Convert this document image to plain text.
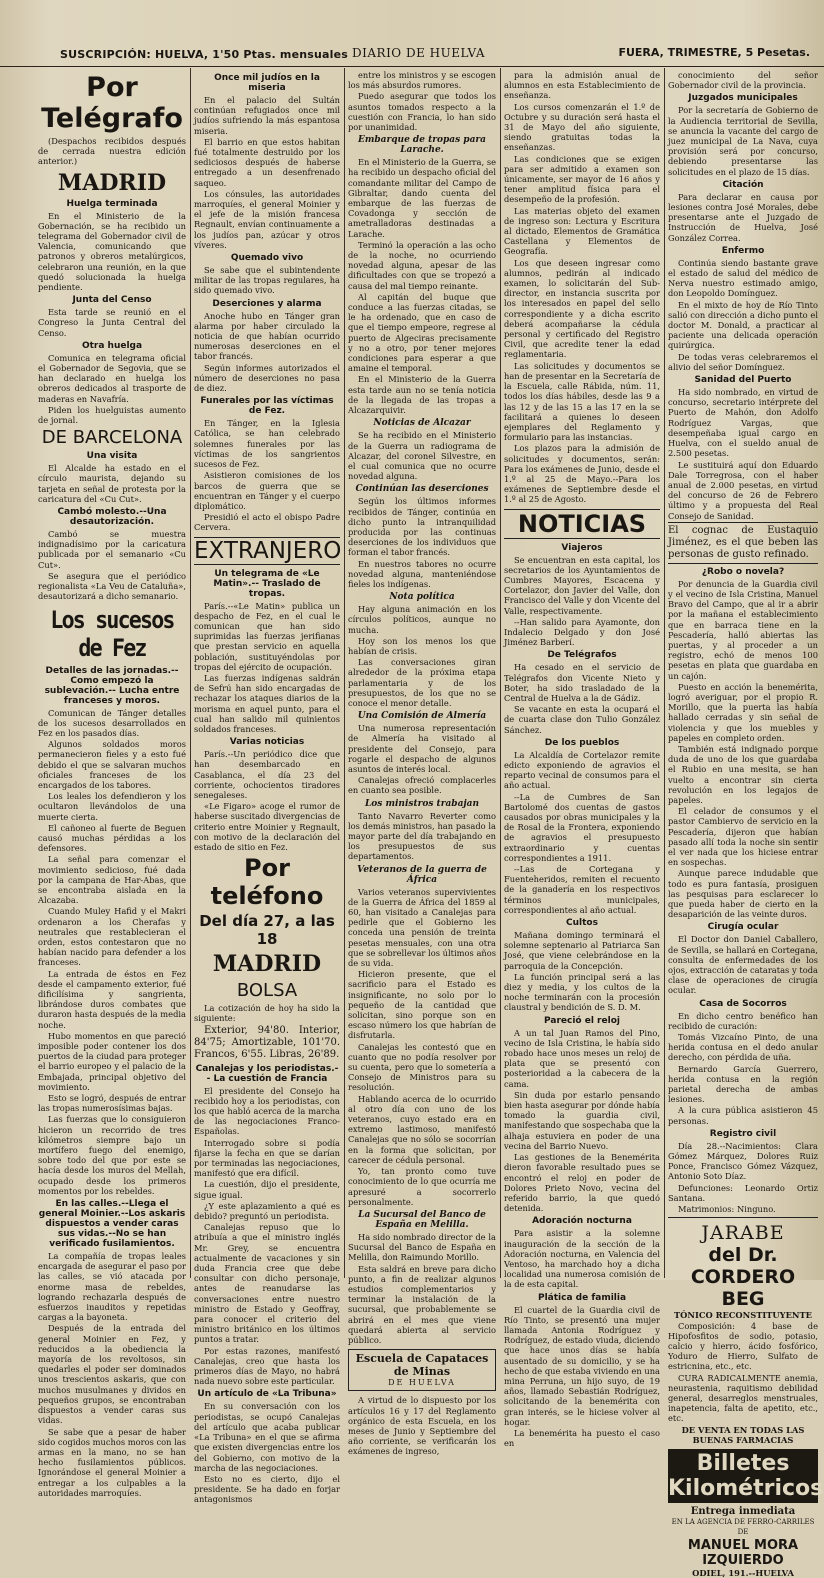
SUSCRIPCIÓN: HUELVA, 1'50 Ptas. mensuales DIARIO DE HUELVA	FUERA, TRIMESTRE, 5 Pesetas.
Por Telégrafo

(Despachos recibidos después de cerrada nuestra edición anterior.)

MADRID
Huelga terminada

En el Ministerio de la Gobernación, se ha recibido un telegrama del Gobernador civil de Valencia, comunicando que patronos y obreros metalúrgicos, celebraron una reunión, en la que quedó solucionada la huelga pendiente.

Junta del Censo

Esta tarde se reunió en el Congreso la Junta Central del Censo.

Otra huelga

Comunica en telegrama oficial el Gobernador de Segovia, que se han declarado en huelga los obreros dedicados al trasporte de maderas en Navafría.

Piden los huelguistas aumento de jornal.

DE BARCELONA
Una visita

El Alcalde ha estado en el círculo maurista, dejando su tarjeta en señal de protesta por la caricatura del «Cu Cut».

Cambó molesto.--Una desautorización.

Cambó se muestra indignadísimo por la caricatura publicada por el semanario «Cu Cut».

Se asegura que el periódico regionalista «La Veu de Cataluña», desautorizará a dicho semanario.

Los sucesos de Fez
Detalles de las jornadas.--Como empezó la sublevación.-- Lucha entre franceses y moros.

Comunican de Tánger detalles de los sucesos desarrollados en Fez en los pasados días.

Algunos soldados moros permanecieron fieles y a esto fué debido el que se salvaran muchos oficiales franceses de los encargados de los tabores.

Los leales los defendieron y los ocultaron llevándolos de una muerte cierta.

El cañoneo al fuerte de Beguen causó muchas pérdidas a los defensores.

La señal para comenzar el movimiento sedicioso, fué dada por la campana de Har-Abas, que se encontraba aislada en la Alcazaba.

Cuando Muley Hafid y el Makri ordenaron a los Cherafas y neutrales que restablecieran el orden, estos contestaron que no habían nacido para defender a los franceses.

La entrada de éstos en Fez desde el campamento exterior, fué dificilísima y sangrienta, librándose duros combates que duraron hasta después de la media noche.

Hubo momentos en que pareció imposible poder contener los dos puertos de la ciudad para proteger el barrio europeo y el palacio de la Embajada, principal objetivo del movimiento.

Esto se logró, después de entrar las tropas numerosísimas bajas.

Las fuerzas que lo consiguieron hicieron un recorrido de tres kilómetros siempre bajo un mortífero fuego del enemigo, sobre todo del que por este se hacía desde los muros del Mellah, ocupado desde los primeros momentos por los rebeldes.

En las calles.--Llega el general Moinier.--Los askaris dispuestos a vender caras sus vidas.--No se han verificado fusilamientos.

La compañía de tropas leales encargada de asegurar el paso por las calles, se vió atacada por enorme masa de rebeldes, logrando rechazarla después de esfuerzos inauditos y repetidas cargas a la bayoneta.

Después de la entrada del general Moinier en Fez, y reducidos a la obediencia la mayoría de los revoltosos, sin quedarles el poder ser dominados unos trescientos askaris, que con muchos musulmanes y dividos en pequeños grupos, se encontraban dispuestos a vender caras sus vidas.

Se sabe que a pesar de haber sido cogidos muchos moros con las armas en la mano, no se han hecho fusilamientos públicos. Ignorándose el general Moinier a entregar a los culpables a la autoridades marroquíes.

Once mil judíos en la miseria

En el palacio del Sultán continúan refugiados once mil judíos sufriendo la más espantosa miseria.

El barrio en que estos habitan fué totalmente destruido por los sediciosos después de haberse entregado a un desenfrenado saqueo.

Los cónsules, las autoridades marroquíes, el general Moinier y el jefe de la misión francesa Regnault, envían continuamente a los judíos pan, azúcar y otros víveres.

Quemado vivo

Se sabe que el subintendente militar de las tropas regulares, ha sido quemado vivo.

Deserciones y alarma

Anoche hubo en Tánger gran alarma por haber circulado la noticia de que habían ocurrido numerosas deserciones en el tabor francés.

Según informes autorizados el número de deserciones no pasa de diez.

Funerales por las víctimas de Fez.

En Tánger, en la Iglesia Católica, se han celebrado solemnes funerales por las víctimas de los sangrientos sucesos de Fez.

Asistieron comisiones de los barcos de guerra que se encuentran en Tánger y el cuerpo diplomático.

Presidió el acto el obispo Padre Cervera.

EXTRANJERO
Un telegrama de «Le Matin».-- Traslado de tropas.

París.--«Le Matin» publica un despacho de Fez, en el cual le comunican que han sido suprimidas las fuerzas jerifianas que prestan servicio en aquella población, sustituyéndolas por tropas del ejército de ocupación.

Las fuerzas indígenas saldrán de Sefrú han sido encargadas de rechazar los ataques diarios de la morisma en aquel punto, para el cual han salido mil quinientos soldados franceses.

Varias noticias

París.--Un periódico dice que han desembarcado en Casablanca, el día 23 del corriente, ochocientos tiradores senegaleses.

«Le Figaro» acoge el rumor de haberse suscitado divergencias de criterio entre Moinier y Regnault, con motivo de la declaración del estado de sitio en Fez.

Por teléfono
Del día 27, a las 18
MADRID
BOLSA

La cotización de hoy ha sido la siguiente:

Exterior, 94'80. Interior, 84'75; Amortizable, 101'70. Francos, 6'55. Libras, 26'89.

Canalejas y los periodistas.-- La cuestión de Francia

El presidente del Consejo ha recibido hoy a los periodistas, con los que habló acerca de la marcha de las negociaciones Franco-Españolas.

Interrogado sobre si podía fijarse la fecha en que se darían por terminadas las negociaciones, manifestó que era difícil.

La cuestión, dijo el presidente, sigue igual.

¿Y este aplazamiento a qué es debido? preguntó un periodista.

Canalejas repuso que lo atribuía a que el ministro inglés Mr. Grey, se encuentra actualmente de vacaciones y sin duda Francia cree que debe consultar con dicho personaje, antes de reanudarse las conversaciones entre nuestro ministro de Estado y Geoffray, para conocer el criterio del ministro británico en los últimos puntos a tratar.

Por estas razones, manifestó Canalejas, creo que hasta los primeros días de Mayo, no habrá nada nuevo sobre este particular.

Un artículo de «La Tribuna»

En su conversación con los periodistas, se ocupó Canalejas del artículo que acaba publicar «La Tribuna» en el que se afirma que existen divergencias entre los del Gobierno, con motivo de la marcha de las negociaciones.

Esto no es cierto, dijo el presidente. Se ha dado en forjar antagonismos

entre los ministros y se escogen los más absurdos rumores.

Puedo asegurar que todos los asuntos tomados respecto a la cuestión con Francia, lo han sido por unanimidad.

Embarque de tropas para Larache.

En el Ministerio de la Guerra, se ha recibido un despacho oficial del comandante militar del Campo de Gibraltar, dando cuenta del embarque de las fuerzas de Covadonga y sección de ametralladoras destinadas a Larache.

Terminó la operación a las ocho de la noche, no ocurriendo novedad alguna, apesar de las dificultades con que se tropezó a causa del mal tiempo reinante.

Al capitán del buque que conduce a las fuerzas citadas, se le ha ordenado, que en caso de que el tiempo empeore, regrese al puerto de Algeciras precisamente y no a otro, por tener mejores condiciones para esperar a que amaine el temporal.

En el Ministerio de la Guerra esta tarde aun no se tenía noticia de la llegada de las tropas a Alcazarquivir.

Noticias de Alcazar

Se ha recibido en el Ministerio de la Guerra un radiograma de Alcazar, del coronel Silvestre, en el cual comunica que no ocurre novedad alguna.

Continúan las deserciones

Según los últimos informes recibidos de Tánger, continúa en dicho punto la intranquilidad producida por las continuas deserciones de los individuos que forman el tabor francés.

En nuestros tabores no ocurre novedad alguna, manteniéndose fieles los indígenas.

Nota política

Hay alguna animación en los círculos políticos, aunque no mucha.

Hoy son los menos los que habían de crisis.

Las conversaciones giran alrededor de la próxima etapa parlamentaria y de los presupuestos, de los que no se conoce el menor detalle.

Una Comisión de Almería

Una numerosa representación de Almería ha visitado al presidente del Consejo, para rogarle el despacho de algunos asuntos de interés local.

Canalejas ofreció complacerles en cuanto sea posible.

Los ministros trabajan

Tanto Navarro Reverter como los demás ministros, han pasado la mayor parte del día trabajando en los presupuestos de sus departamentos.

Veteranos de la guerra de África

Varios veteranos supervivientes de la Guerra de África del 1859 al 60, han visitado a Canalejas para pedirle que el Gobierno les conceda una pensión de treinta pesetas mensuales, con una otra que se sobrellevar los últimos años de su vida.

Hicieron presente, que el sacrificio para el Estado es insignificante, no solo por lo pequeño de la cantidad que solicitan, sino porque son en escaso número los que habrían de disfrutarla.

Canalejas les contestó que en cuanto que no podía resolver por su cuenta, pero que lo sometería a Consejo de Ministros para su resolución.

Hablando acerca de lo ocurrido al otro día con uno de los veteranos, cuyo estado era en extremo lastimoso, manifestó Canalejas que no sólo se socorrían en la forma que solicitan, por carecer de cédula personal.

Yo, tan pronto como tuve conocimiento de lo que ocurría me apresuré a socorrerlo personalmente.

La Sucursal del Banco de España en Melilla.

Ha sido nombrado director de la Sucursal del Banco de España en Melilla, don Raimundo Morillo.

Esta saldrá en breve para dicho punto, a fin de realizar algunos estudios complementarios y terminar la instalación de la sucursal, que probablemente se abrirá en el mes que viene quedará abierta al servicio público.

Escuela de Capataces de Minas
DE HUELVA

A virtud de lo dispuesto por los artículos 16 y 17 del Reglamento orgánico de esta Escuela, en los meses de Junio y Septiembre del año corriente, se verificarán los exámenes de ingreso,

para la admisión anual de alumnos en esta Establecimiento de enseñanza.

Los cursos comenzarán el 1.º de Octubre y su duración será hasta el 31 de Mayo del año siguiente, siendo gratuitas todas la enseñanzas.

Las condiciones que se exigen para ser admitido a examen son únicamente, ser mayor de 16 años y tener amplitud física para el desempeño de la profesión.

Las materias objeto del examen de ingreso son: Lectura y Escritura al dictado, Elementos de Gramática Castellana y Elementos de Geografía.

Los que deseen ingresar como alumnos, pedirán al indicado examen, lo solicitarán del Sub-director, en instancia suscrita por los interesados en papel del sello correspondiente y a dicha escrito deberá acompañarse la cédula personal y certificado del Registro Civil, que acredite tener la edad reglamentaria.

Las solicitudes y documentos se han de presentar en la Secretaría de la Escuela, calle Rábida, núm. 11, todos los días hábiles, desde las 9 a las 12 y de las 15 a las 17 en la se facilitará a quienes lo deseen ejemplares del Reglamento y formulario para las instancias.

Los plazos para la admisión de solicitudes y documentos, serán: Para los exámenes de Junio, desde el 1.º al 25 de Mayo.--Para los exámenes de Septiembre desde el 1.º al 25 de Agosto.

NOTICIAS
Viajeros

Se encuentran en esta capital, los secretarios de los Ayuntamientos de Cumbres Mayores, Escacena y Cortelazor, don Javier del Valle, don Francisco del Valle y don Vicente del Valle, respectivamente.

--Han salido para Ayamonte, don Indalecio Delgado y don José Jiménez Barberí.

De Telégrafos

Ha cesado en el servicio de Telégrafos don Vicente Nieto y Boter, ha sido trasladado de la Central de Huelva a la de Gádiz.

Se vacante en esta la ocupará el de cuarta clase don Tulio González Sánchez.

De los pueblos

La Alcaldía de Cortelazor remite edicto exponiendo de agravios el reparto vecinal de consumos para el año actual.

--La de Cumbres de San Bartolomé dos cuentas de gastos causados por obras municipales y la de Rosal de la Frontera, exponiendo de agravios el presupuesto extraordinario y cuentas correspondientes a 1911.

--Las de Cortegana y Fuenteheridos, remiten el recuento de la ganadería en los respectivos términos municipales, correspondientes al año actual.

Cultos

Mañana domingo terminará el solemne septenario al Patriarca San José, que viene celebrándose en la parroquia de la Concepción.

La función principal será a las diez y media, y los cultos de la noche terminarán con la procesión claustral y bendición de S. D. M.

Pareció el reloj

A un tal Juan Ramos del Pino, vecino de Isla Cristina, le había sido robado hace unos meses un reloj de plata que se presentó con posterioridad a la cabecera de la cama.

Sin duda por estarlo pensando bien hasta asegurar por dónde había tomado la guardia civil, manifestando que sospechaba que la alhaja estuviera en poder de una vecina del Barrio Nuevo.

Las gestiones de la Benemérita dieron favorable resultado pues se encontró el reloj en poder de Dolores Prieto Novo, vecina del referido barrio, la que quedó detenida.

Adoración nocturna

Para asistir a la solemne inauguración de la sección de la Adoración nocturna, en Valencia del Ventoso, ha marchado hoy a dicha localidad una numerosa comisión de la de esta capital.

Plática de familia

El cuartel de la Guardia civil de Río Tinto, se presentó una mujer llamada Antonia Rodríguez y Rodríguez, de estado viuda, diciendo que hace unos días se había ausentado de su domicilio, y se ha hecho de que estaba viviendo en una mina Perruna, un hijo suyo, de 19 años, llamado Sebastián Rodríguez, solicitando de la benemérita con gran interés, se le hiciese volver al hogar.

La benemérita ha puesto el caso en

conocimiento del señor Gobernador civil de la provincia.

Juzgados municipales

Por la secretaría de Gobierno de la Audiencia territorial de Sevilla, se anuncia la vacante del cargo de juez municipal de La Nava, cuya provisión será por concurso, debiendo presentarse las solicitudes en el plazo de 15 días.

Citación

Para declarar en causa por lesiones contra José Morales, debe presentarse ante el Juzgado de Instrucción de Huelva, José González Correa.

Enfermo

Continúa siendo bastante grave el estado de salud del médico de Nerva nuestro estimado amigo, don Leopoldo Domínguez.

En el mixto de hoy de Río Tinto salió con dirección a dicho punto el doctor M. Donald, a practicar al paciente una delicada operación quirúrgica.

De todas veras celebraremos el alivio del señor Domínguez.

Sanidad del Puerto

Ha sido nombrado, en virtud de concurso, secretario intérprete del Puerto de Mahón, don Adolfo Rodríguez Vargas, que desempeñaba igual cargo en Huelva, con el sueldo anual de 2.500 pesetas.

Le sustituirá aquí don Eduardo Dale Torregrosa, con el haber anual de 2.000 pesetas, en virtud del concurso de 26 de Febrero último y a propuesta del Real Consejo de Sanidad.

El cognac de Eustaquio Jiménez, es el que beben las personas de gusto refinado.

¿Robo o novela?

Por denuncia de la Guardia civil y el vecino de Isla Cristina, Manuel Bravo del Campo, que al ir a abrir por la mañana el establecimiento que en barraca tiene en la Pescadería, halló abiertas las puertas, y al proceder a un registro, echó de menos 100 pesetas en plata que guardaba en un cajón.

Puesto en acción la benemérita, logró averiguar, por el propio R. Morillo, que la puerta las había hallado cerradas y sin señal de violencia y que los muebles y papeles en completo orden.

También está indignado porque duda de uno de los que guardaba el Rubio en una mesita, se han vuelto a encontrar sin cierta revolución en los legajos de papeles.

El celador de consumos y el pastor Cambiervo de servicio en la Pescadería, dijeron que habían pasado allí toda la noche sin sentir el ver nada que los hiciese entrar en sospechas.

Aunque parece indudable que todo es pura fantasía, prosiguen las pesquisas para esclarecer lo que pueda haber de cierto en la desaparición de las veinte duros.

Cirugía ocular

El Doctor don Daniel Caballero, de Sevilla, se hallará en Cortegana, consulta de enfermedades de los ojos, extracción de cataratas y toda clase de operaciones de cirugía ocular.

Casa de Socorros

En dicho centro benéfico han recibido de curación:

Tomás Vizcaíno Pinto, de una herida contusa en el dedo anular derecho, con pérdida de uña.

Bernardo García Guerrero, herida contusa en la región parietal derecha de ambas lesiones.

A la cura pública asistieron 45 personas.

Registro civil

Día 28.--Nacimientos: Clara Gómez Márquez, Dolores Ruiz Ponce, Francisco Gómez Vázquez, Antonio Soto Díaz.

Defunciones: Leonardo Ortiz Santana.

Matrimonios: Ninguno.

JARABE
del Dr. CORDERO BEG
TÓNICO RECONSTITUYENTE

Composición: 4 base de Hipofosfitos de sodio, potasio, calcio y hierro, ácido fosfórico, Yoduro de Hierro, Sulfato de estricnina, etc., etc.

CURA RADICALMENTE anemia, neurastenia, raquitismo debilidad general, desarreglos menstruales, inapetencia, falta de apetito, etc., etc.

DE VENTA EN TODAS LAS BUENAS FARMACIAS
Billetes Kilométricos
Entrega inmediata
EN LA AGENCIA DE FERRO-CARRILES DE
MANUEL MORA IZQUIERDO
ODIEL, 191.--HUELVA
